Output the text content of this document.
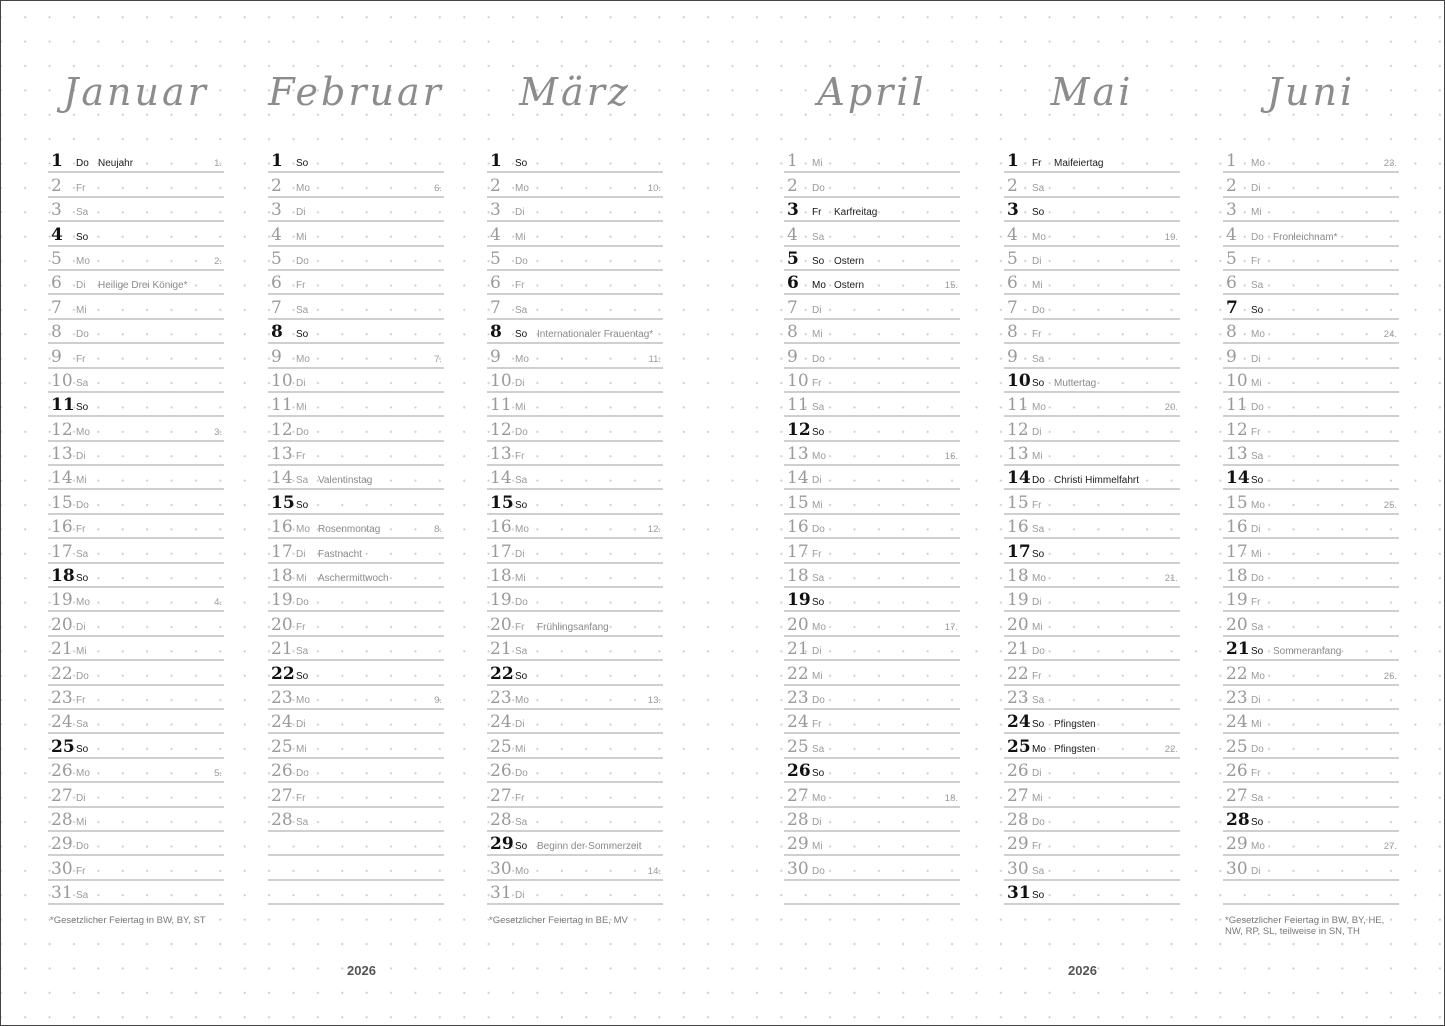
Januar
1	Do Neujahr	1.
2	Fr
3	Sa
4	So
5	Mo	2.
6	Di	Heilige Drei Könige*
7	Mi
8	Do
9	Fr
10 Sa
11 So
12 Mo	3.
13 Di
14 Mi
15 Do
16 Fr
17 Sa
18 So
19 Mo	4.
20 Di
21 Mi
22 Do
23 Fr
24 Sa
25 So
26 Mo	5.
27 Di
28 Mi
29 Do
30 Fr
31 Sa
*Gesetzlicher Feiertag in BW, BY, ST
Februar
1	So
2	Mo	6.
3	Di
4	Mi
5	Do
6	Fr
7	Sa
8	So
9	Mo	7.
10 Di
11 Mi
12 Do
13 Fr
14 Sa Valentinstag
15 So
16 Mo Rosenmontag	8.
17 Di	Fastnacht
18 Mi	Aschermittwoch
19 Do
20 Fr
21 Sa
22 So
23 Mo	9.
24 Di
25 Mi
26 Do
27 Fr
28 Sa
März
1	So
2	Mo	10.
3	Di
4	Mi
5	Do
6	Fr
7	Sa
8	So Internationaler Frauentag*
9	Mo	11.
10 Di
11 Mi
12 Do
13 Fr
14 Sa
15 So
16 Mo	12.
17 Di
18 Mi
19 Do
20 Fr	Frühlingsanfang
21 Sa
22 So
23 Mo	13.
24 Di
25 Mi
26 Do
27 Fr
28 Sa
29 So Beginn der Sommerzeit
30 Mo	14.
31 Di
*Gesetzlicher Feiertag in BE, MV
April
1	Mi
2	Do
3	Fr	Karfreitag
4	Sa
5	So Ostern
6	Mo Ostern	15.
7	Di
8	Mi
9	Do
10 Fr
11 Sa
12 So
13 Mo	16.
14 Di
15 Mi
16 Do
17 Fr
18 Sa
19 So
20 Mo	17.
21 Di
22 Mi
23 Do
24 Fr
25 Sa
26 So
27 Mo	18.
28 Di
29 Mi
30 Do
Mai
1	Fr	Maifeiertag
2	Sa
3	So
4	Mo	19.
5	Di
6	Mi
7	Do
8	Fr
9	Sa
10 So Muttertag
11 Mo	20.
12 Di
13 Mi
14 Do Christi Himmelfahrt
15 Fr
16 Sa
17 So
18 Mo	21.
19 Di
20 Mi
21 Do
22 Fr
23 Sa
24 So Pfingsten
25 Mo Pfingsten	22.
26 Di
27 Mi
28 Do
29 Fr
30 Sa
31 So
Juni
1	Mo	23.
2	Di
3	Mi
4	Do Fronleichnam*
5	Fr
6	Sa
7	So
8	Mo	24.
9	Di
10 Mi
11 Do
12 Fr
13 Sa
14 So
15 Mo	25.
16 Di
17 Mi
18 Do
19 Fr
20 Sa
21 So Sommeranfang
22 Mo	26.
23 Di
24 Mi
25 Do
26 Fr
27 Sa
28 So
29 Mo	27.
30 Di
*Gesetzlicher Feiertag in BW, BY, HE, NW, RP, SL, teilweise in SN, TH
2026	2026
